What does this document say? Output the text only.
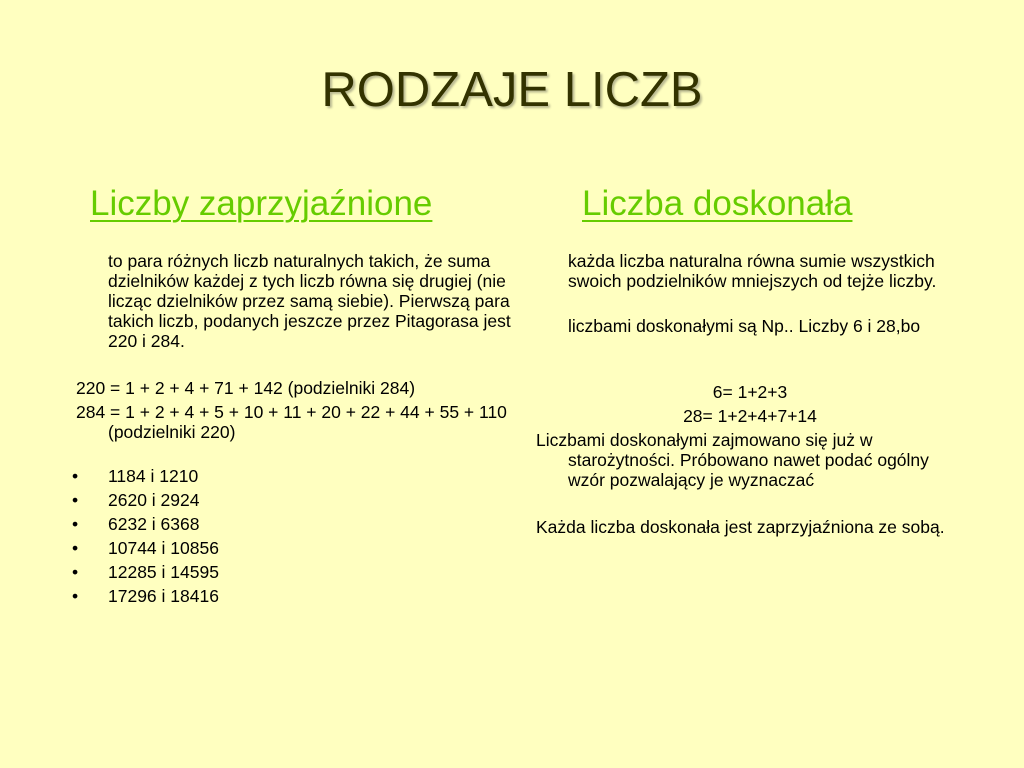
RODZAJE LICZB
Liczby zaprzyjaźnione	Liczba doskonała

to para różnych liczb naturalnych takich, że suma dzielników każdej z tych liczb równa się drugiej (nie licząc dzielników przez samą siebie). Pierwszą para takich liczb, podanych jeszcze przez Pitagorasa jest 220 i 284.

220 = 1 + 2 + 4 + 71 + 142 (podzielniki 284)

284 = 1 + 2 + 4 + 5 + 10 + 11 + 20 + 22 + 44 + 55 + 110 (podzielniki 220)

• 1184 i 1210
• 2620 i 2924
• 6232 i 6368
• 10744 i 10856
• 12285 i 14595
• 17296 i 18416

każda liczba naturalna równa sumie wszystkich swoich podzielników mniejszych od tejże liczby.

liczbami doskonałymi są Np.. Liczby 6 i 28,bo

6= 1+2+3

28= 1+2+4+7+14

Liczbami doskonałymi zajmowano się już w starożytności. Próbowano nawet podać ogólny wzór pozwalający je wyznaczać

Każda liczba doskonała jest zaprzyjaźniona ze sobą.
